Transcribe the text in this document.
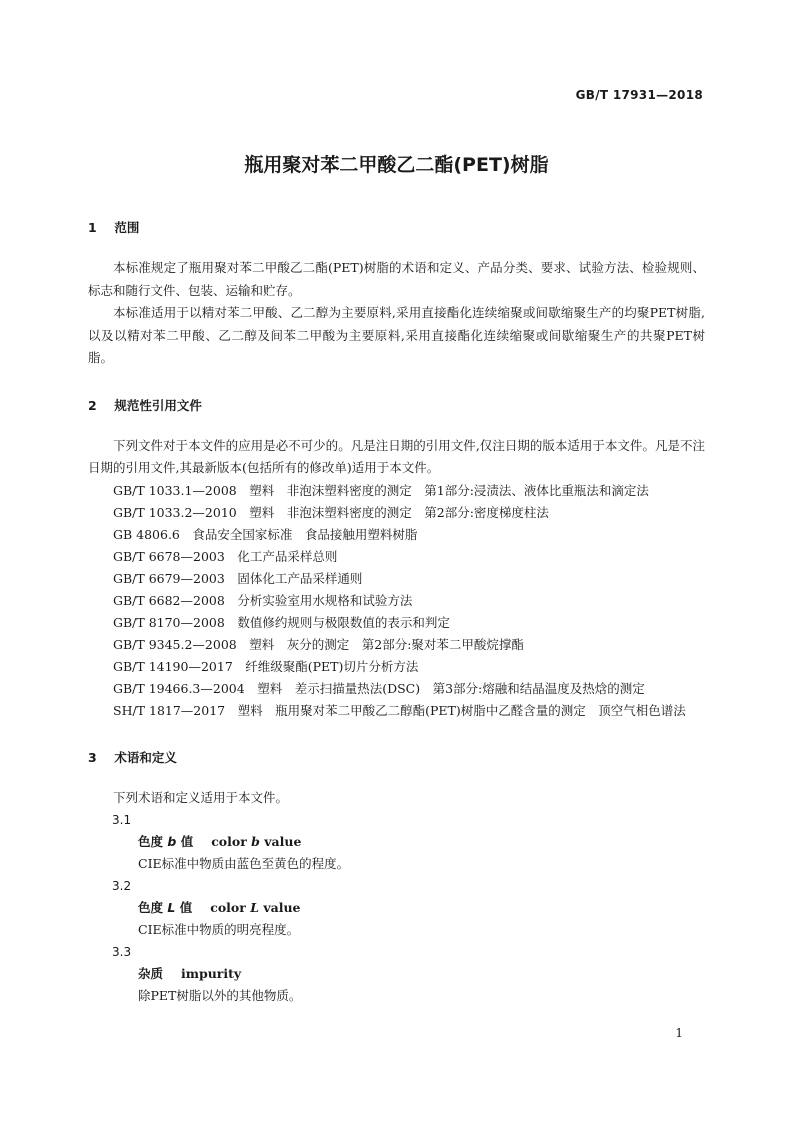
GB/T 17931—2018

瓶用聚对苯二甲酸乙二酯(PET)树脂
1 范围

本标准规定了瓶用聚对苯二甲酸乙二酯(PET)树脂的术语和定义、产品分类、要求、试验方法、检验规则、标志和随行文件、包装、运输和贮存。

本标准适用于以精对苯二甲酸、乙二醇为主要原料,采用直接酯化连续缩聚或间歇缩聚生产的均聚PET树脂,以及以精对苯二甲酸、乙二醇及间苯二甲酸为主要原料,采用直接酯化连续缩聚或间歇缩聚生产的共聚PET树脂。

2 规范性引用文件

下列文件对于本文件的应用是必不可少的。凡是注日期的引用文件,仅注日期的版本适用于本文件。凡是不注日期的引用文件,其最新版本(包括所有的修改单)适用于本文件。

GB/T 1033.1—2008　塑料　非泡沫塑料密度的测定　第1部分:浸渍法、液体比重瓶法和滴定法
GB/T 1033.2—2010　塑料　非泡沫塑料密度的测定　第2部分:密度梯度柱法
GB 4806.6　食品安全国家标准　食品接触用塑料树脂
GB/T 6678—2003　化工产品采样总则
GB/T 6679—2003　固体化工产品采样通则
GB/T 6682—2008　分析实验室用水规格和试验方法
GB/T 8170—2008　数值修约规则与极限数值的表示和判定
GB/T 9345.2—2008　塑料　灰分的测定　第2部分:聚对苯二甲酸烷撑酯
GB/T 14190—2017　纤维级聚酯(PET)切片分析方法
GB/T 19466.3—2004　塑料　差示扫描量热法(DSC)　第3部分:熔融和结晶温度及热焓的测定
SH/T 1817—2017　塑料　瓶用聚对苯二甲酸乙二醇酯(PET)树脂中乙醛含量的测定　顶空气相色谱法
3 术语和定义

下列术语和定义适用于本文件。

3.1

色度 b 值 color b value

CIE标准中物质由蓝色至黄色的程度。

3.2

色度 L 值 color L value

CIE标准中物质的明亮程度。

3.3

杂质 impurity

除PET树脂以外的其他物质。

1
